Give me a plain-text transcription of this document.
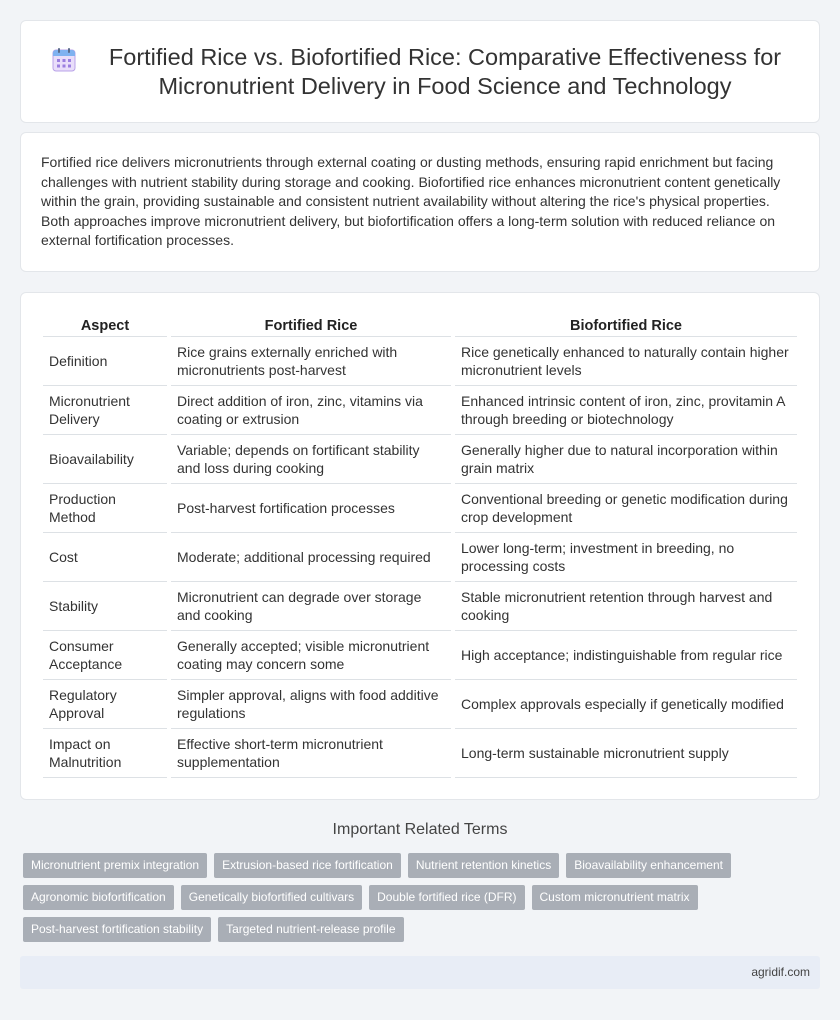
Fortified Rice vs. Biofortified Rice: Comparative Effectiveness for Micronutrient Delivery in Food Science and Technology

Fortified rice delivers micronutrients through external coating or dusting methods, ensuring rapid enrichment but facing challenges with nutrient stability during storage and cooking. Biofortified rice enhances micronutrient content genetically within the grain, providing sustainable and consistent nutrient availability without altering the rice's physical properties. Both approaches improve micronutrient delivery, but biofortification offers a long-term solution with reduced reliance on external fortification processes.

Aspect	Fortified Rice	Biofortified Rice
Definition	Rice grains externally enriched with micronutrients post-harvest	Rice genetically enhanced to naturally contain higher micronutrient levels
Micronutrient Delivery	Direct addition of iron, zinc, vitamins via coating or extrusion	Enhanced intrinsic content of iron, zinc, provitamin A through breeding or biotechnology
Bioavailability	Variable; depends on fortificant stability and loss during cooking	Generally higher due to natural incorporation within grain matrix
Production Method	Post-harvest fortification processes	Conventional breeding or genetic modification during crop development
Cost	Moderate; additional processing required	Lower long-term; investment in breeding, no processing costs
Stability	Micronutrient can degrade over storage and cooking	Stable micronutrient retention through harvest and cooking
Consumer Acceptance	Generally accepted; visible micronutrient coating may concern some	High acceptance; indistinguishable from regular rice
Regulatory Approval	Simpler approval, aligns with food additive regulations	Complex approvals especially if genetically modified
Impact on Malnutrition	Effective short-term micronutrient supplementation	Long-term sustainable micronutrient supply
Important Related Terms
Micronutrient premix integration	Extrusion-based rice fortification	Nutrient retention kinetics	Bioavailability enhancement
Agronomic biofortification	Genetically biofortified cultivars	Double fortified rice (DFR)	Custom micronutrient matrix
Post-harvest fortification stability	Targeted nutrient-release profile
agridif.com
